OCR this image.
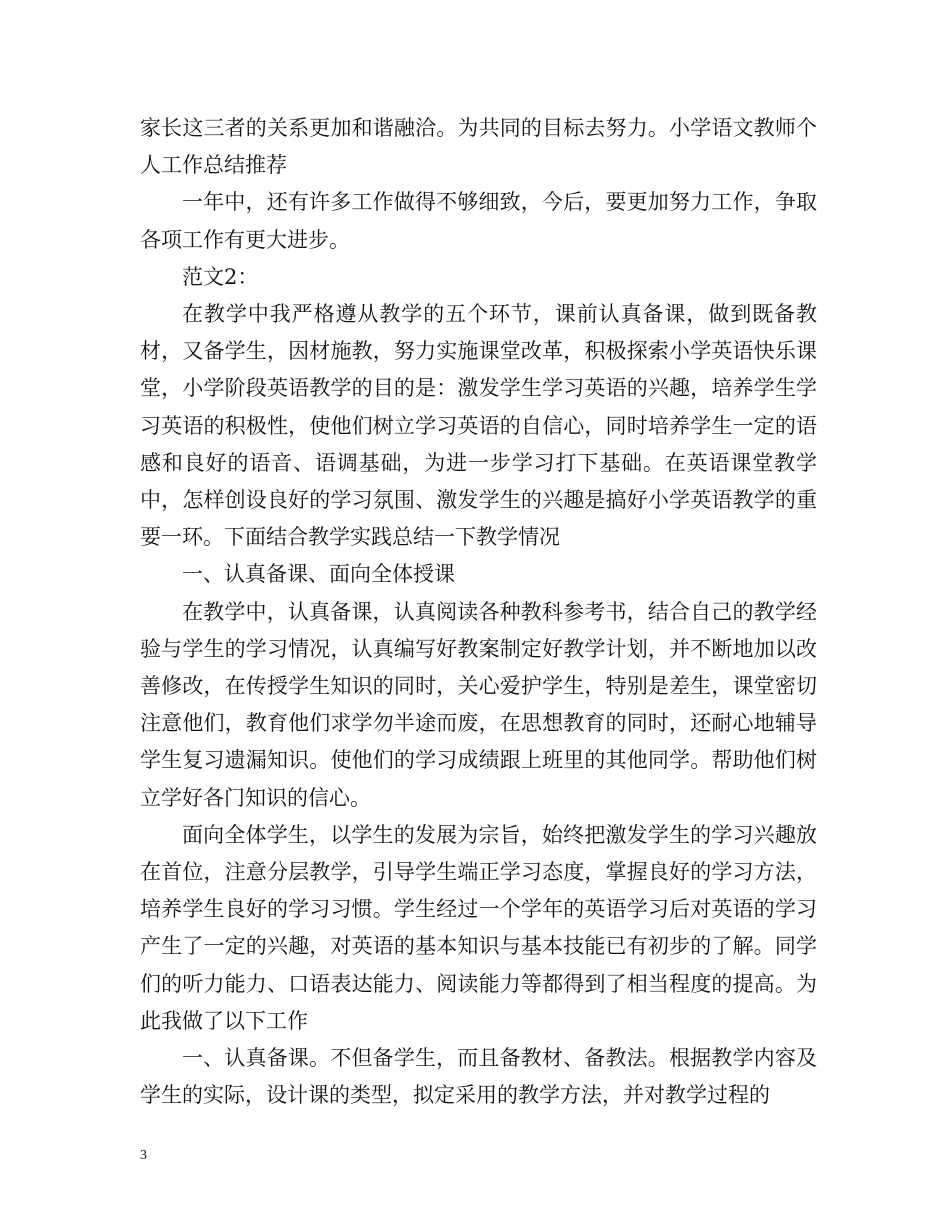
家长这三者的关系更加和谐融洽。为共同的目标去努力。小学语文教师个人工作总结推荐

一年中，还有许多工作做得不够细致，今后，要更加努力工作，争取各项工作有更大进步。

范文2：

在教学中我严格遵从教学的五个环节，课前认真备课，做到既备教材，又备学生，因材施教，努力实施课堂改革，积极探索小学英语快乐课堂，小学阶段英语教学的目的是：激发学生学习英语的兴趣，培养学生学习英语的积极性，使他们树立学习英语的自信心，同时培养学生一定的语感和良好的语音、语调基础，为进一步学习打下基础。在英语课堂教学中，怎样创设良好的学习氛围、激发学生的兴趣是搞好小学英语教学的重要一环。下面结合教学实践总结一下教学情况

一、认真备课、面向全体授课

在教学中，认真备课，认真阅读各种教科参考书，结合自己的教学经验与学生的学习情况，认真编写好教案制定好教学计划，并不断地加以改善修改，在传授学生知识的同时，关心爱护学生，特别是差生，课堂密切注意他们，教育他们求学勿半途而废，在思想教育的同时，还耐心地辅导学生复习遗漏知识。使他们的学习成绩跟上班里的其他同学。帮助他们树立学好各门知识的信心。

面向全体学生，以学生的发展为宗旨，始终把激发学生的学习兴趣放在首位，注意分层教学，引导学生端正学习态度，掌握良好的学习方法，培养学生良好的学习习惯。学生经过一个学年的英语学习后对英语的学习产生了一定的兴趣，对英语的基本知识与基本技能已有初步的了解。同学们的听力能力、口语表达能力、阅读能力等都得到了相当程度的提高。为此我做了以下工作

一、认真备课。不但备学生，而且备教材、备教法。根据教学内容及学生的实际，设计课的类型，拟定采用的教学方法，并对教学过程的

3
